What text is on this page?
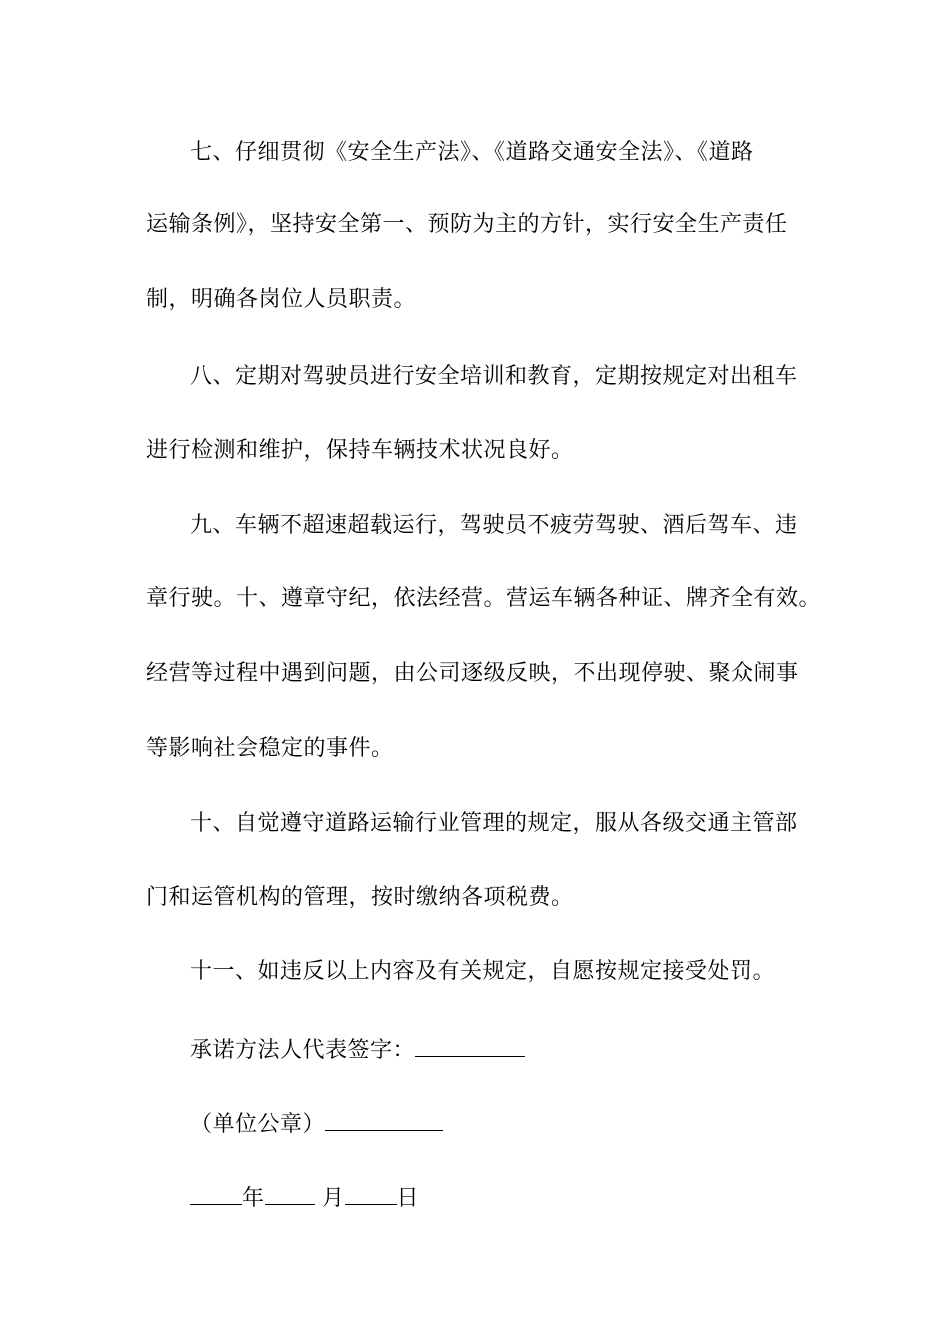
七、仔细贯彻《安全生产法》、《道路交通安全法》、《道路
运输条例》，坚持安全第一、预防为主的方针，实行安全生产责任
制，明确各岗位人员职责。
八、定期对驾驶员进行安全培训和教育，定期按规定对出租车
进行检测和维护，保持车辆技术状况良好。
九、车辆不超速超载运行，驾驶员不疲劳驾驶、酒后驾车、违
章行驶。十、遵章守纪，依法经营。营运车辆各种证、牌齐全有效。
经营等过程中遇到问题，由公司逐级反映，不出现停驶、聚众闹事
等影响社会稳定的事件。
十、自觉遵守道路运输行业管理的规定，服从各级交通主管部
门和运管机构的管理，按时缴纳各项税费。
十一、如违反以上内容及有关规定，自愿按规定接受处罚。
承诺方法人代表签字：
（单位公章）
年	月 日
